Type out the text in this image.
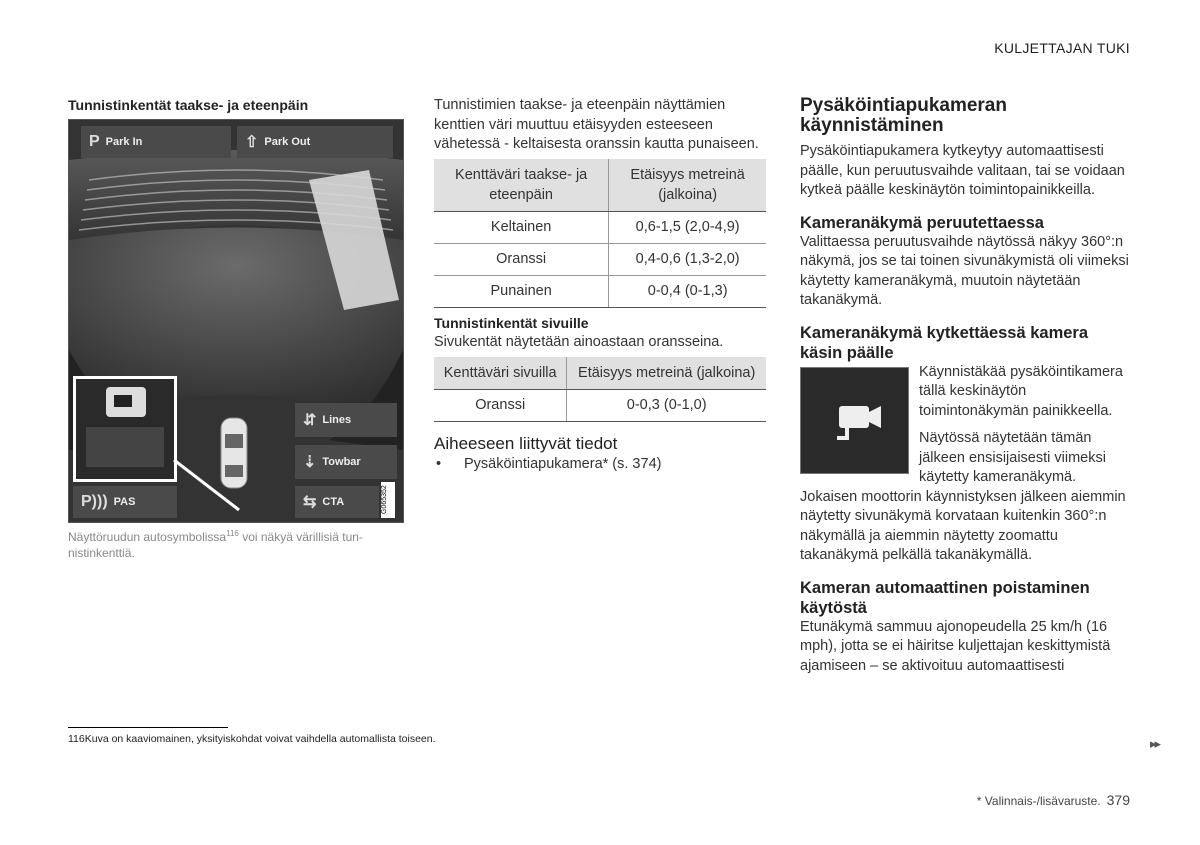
KULJETTAJAN TUKI
Tunnistinkentät taakse- ja eteenpäin
P Park In	⇧ Park Out
⇵ Lines
⇣ Towbar
⇆ CTA
P))) PAS	G065352
Näyttöruudun autosymbolissa$^{116}$ voi näkyä värillisiä tun-nistinkenttiä.
Tunnistimien taakse- ja eteenpäin näyttämien kenttien väri muuttuu etäisyyden esteeseen vähetessä - keltaisesta oranssin kautta punaiseen.
Kenttäväri taakse- ja eteenpäin	Etäisyys metreinä (jalkoina)
Keltainen	0,6-1,5 (2,0-4,9)
Oranssi	0,4-0,6 (1,3-2,0)
Punainen	0-0,4 (0-1,3)
Tunnistinkentät sivuille
Sivukentät näytetään ainoastaan oransseina.
Kenttäväri sivuilla	Etäisyys metreinä (jalkoina)
Oranssi	0-0,3 (0-1,0)
Aiheeseen liittyvät tiedot
• Pysäköintiapukamera* (s. 374)
Pysäköintiapukameran käynnistäminen

Pysäköintiapukamera kytkeytyy automaattisesti päälle, kun peruutusvaihde valitaan, tai se voidaan kytkeä päälle keskinäytön toimintopainikkeilla.

Kameranäkymä peruutettaessa

Valittaessa peruutusvaihde näytössä näkyy 360°:n näkymä, jos se tai toinen sivunäkymistä oli viimeksi käytetty kameranäkymä, muutoin näytetään takanäkymä.

Kameranäkymä kytkettäessä kamera käsin päälle

Käynnistäkää pysäköintikamera tällä keskinäytön toimintonäkymän painikkeella.

Näytössä näytetään tämän jälkeen ensisijaisesti viimeksi käytetty kameranäkymä. Jokaisen moottorin käynnistyksen jälkeen aiemmin näytetty sivunäkymä korvataan kuitenkin 360°:n näkymällä ja aiemmin näytetty zoomattu takanäkymä pelkällä takanäkymällä.

Kameran automaattinen poistaminen käytöstä

Etunäkymä sammuu ajonopeudella 25 km/h (16 mph), jotta se ei häiritse kuljettajan keskittymistä ajamiseen – se aktivoituu automaattisesti

116Kuva on kaaviomainen, yksityiskohdat voivat vaihdella automallista toiseen.	▸▸
* Valinnais-/lisävaruste. 379
